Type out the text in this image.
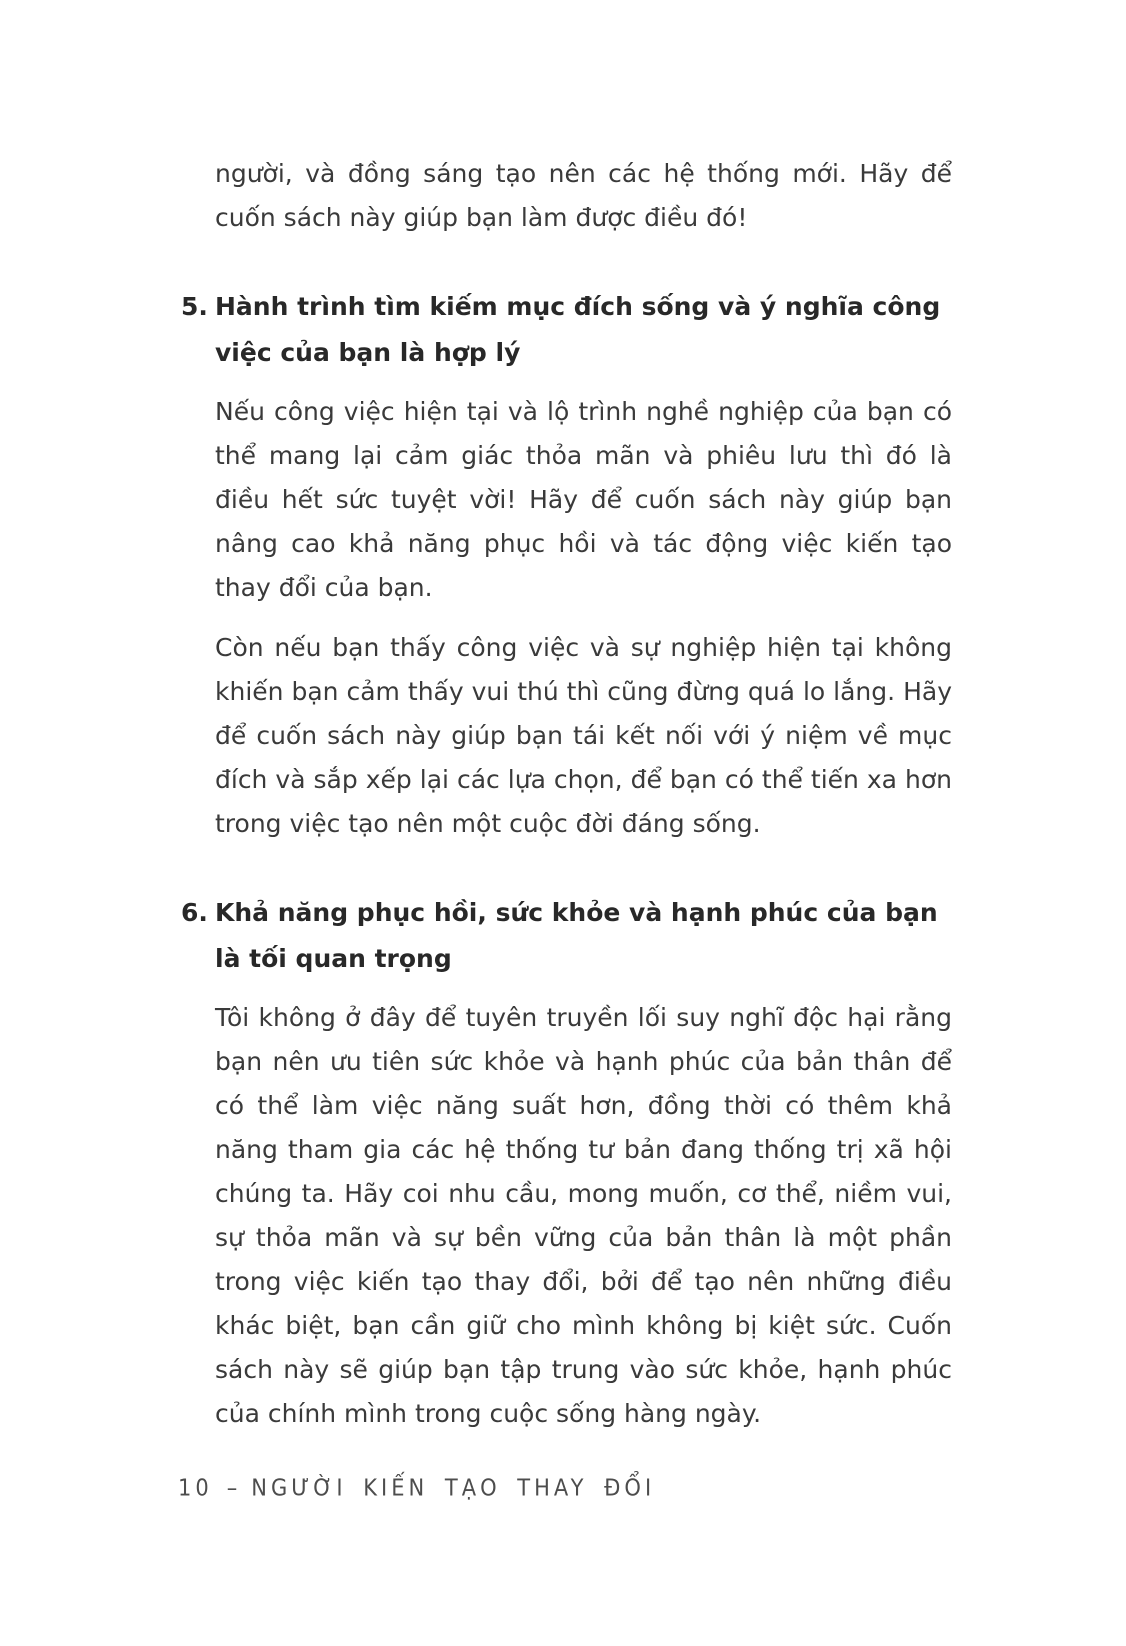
người, và đồng sáng tạo nên các hệ thống mới. Hãy để cuốn sách này giúp bạn làm được điều đó!

5. Hành trình tìm kiếm mục đích sống và ý nghĩa công việc của bạn là hợp lý

Nếu công việc hiện tại và lộ trình nghề nghiệp của bạn có thể mang lại cảm giác thỏa mãn và phiêu lưu thì đó là điều hết sức tuyệt vời! Hãy để cuốn sách này giúp bạn nâng cao khả năng phục hồi và tác động việc kiến tạo thay đổi của bạn.

Còn nếu bạn thấy công việc và sự nghiệp hiện tại không khiến bạn cảm thấy vui thú thì cũng đừng quá lo lắng. Hãy để cuốn sách này giúp bạn tái kết nối với ý niệm về mục đích và sắp xếp lại các lựa chọn, để bạn có thể tiến xa hơn trong việc tạo nên một cuộc đời đáng sống.

6. Khả năng phục hồi, sức khỏe và hạnh phúc của bạn là tối quan trọng

Tôi không ở đây để tuyên truyền lối suy nghĩ độc hại rằng bạn nên ưu tiên sức khỏe và hạnh phúc của bản thân để có thể làm việc năng suất hơn, đồng thời có thêm khả năng tham gia các hệ thống tư bản đang thống trị xã hội chúng ta. Hãy coi nhu cầu, mong muốn, cơ thể, niềm vui, sự thỏa mãn và sự bền vững của bản thân là một phần trong việc kiến tạo thay đổi, bởi để tạo nên những điều khác biệt, bạn cần giữ cho mình không bị kiệt sức. Cuốn sách này sẽ giúp bạn tập trung vào sức khỏe, hạnh phúc của chính mình trong cuộc sống hàng ngày.

10 – NGƯỜI KIẾN TẠO THAY ĐỔI
